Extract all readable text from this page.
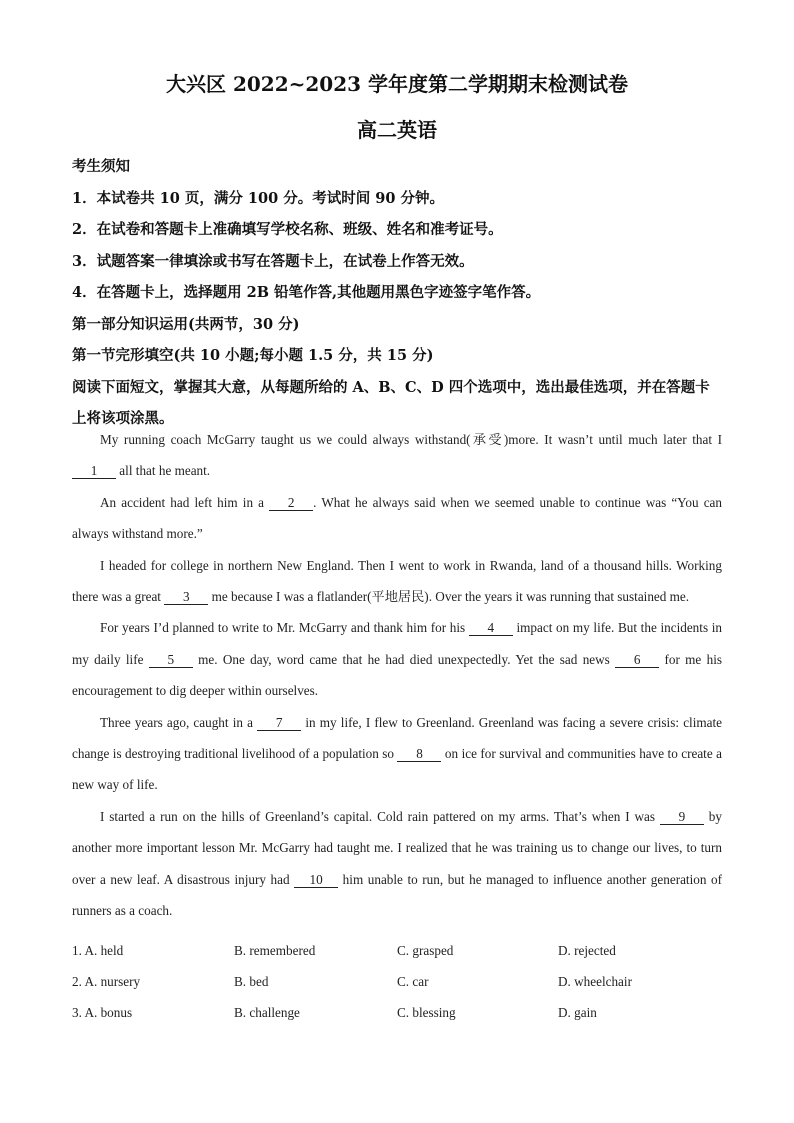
大兴区 2022~2023 学年度第二学期期末检测试卷
高二英语
考生须知
1．本试卷共 10 页，满分 100 分。考试时间 90 分钟。
2．在试卷和答题卡上准确填写学校名称、班级、姓名和准考证号。
3．试题答案一律填涂或书写在答题卡上，在试卷上作答无效。
4．在答题卡上，选择题用 2B 铅笔作答,其他题用黑色字迹签字笔作答。
第一部分知识运用(共两节，30 分)
第一节完形填空(共 10 小题;每小题 1.5 分，共 15 分)
阅读下面短文，掌握其大意，从每题所给的 A、B、C、D 四个选项中，选出最佳选项，并在答题卡上将该项涂黑。

My running coach McGarry taught us we could always withstand(承受)more. It wasn’t until much later that I 1 all that he meant.

An accident had left him in a 2 . What he always said when we seemed unable to continue was “You can always withstand more.”

I headed for college in northern New England. Then I went to work in Rwanda, land of a thousand hills. Working there was a great 3 me because I was a flatlander(平地居民). Over the years it was running that sustained me.

For years I’d planned to write to Mr. McGarry and thank him for his 4 impact on my life. But the incidents in my daily life 5 me. One day, word came that he had died unexpectedly. Yet the sad news 6 for me his encouragement to dig deeper within ourselves.

Three years ago, caught in a 7 in my life, I flew to Greenland. Greenland was facing a severe crisis: climate change is destroying traditional livelihood of a population so 8 on ice for survival and communities have to create a new way of life.

I started a run on the hills of Greenland’s capital. Cold rain pattered on my arms. That’s when I was 9 by another more important lesson Mr. McGarry had taught me. I realized that he was training us to change our lives, to turn over a new leaf. A disastrous injury had 10 him unable to run, but he managed to influence another generation of runners as a coach.

1. A. held	B. remembered	C. grasped	D. rejected
2. A. nursery	B. bed	C. car	D. wheelchair
3. A. bonus	B. challenge	C. blessing	D. gain
